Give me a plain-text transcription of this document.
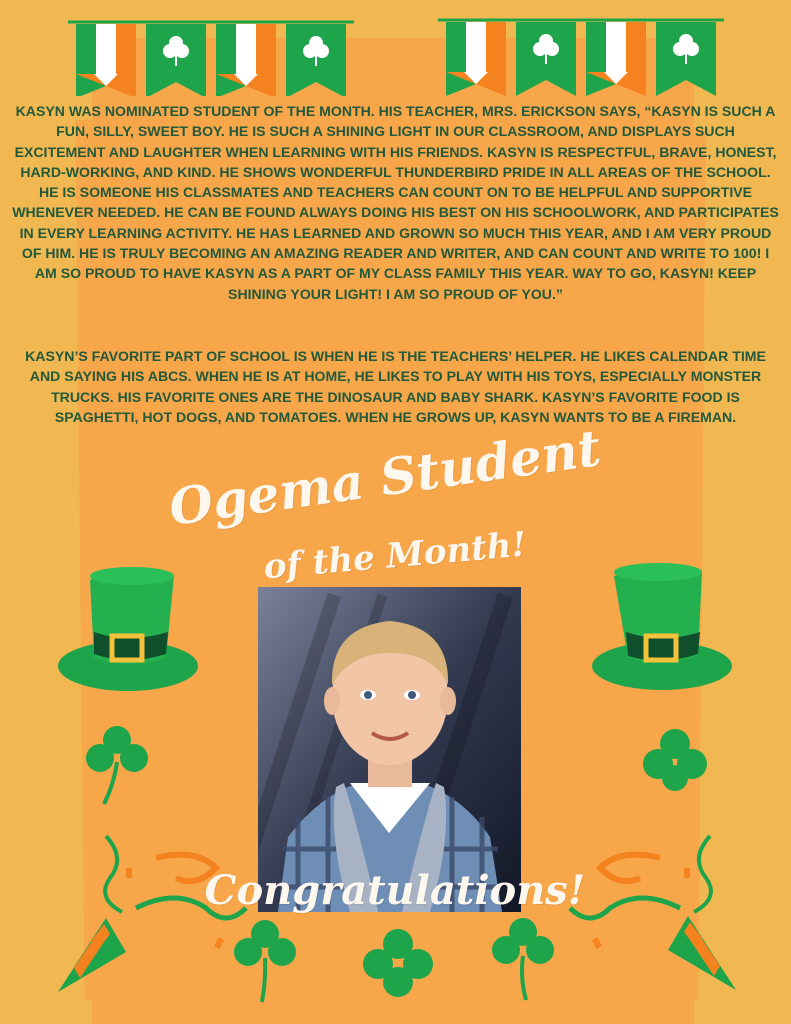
KASYN WAS NOMINATED STUDENT OF THE MONTH. HIS TEACHER, MRS. ERICKSON SAYS, “KASYN IS SUCH A FUN, SILLY, SWEET BOY. HE IS SUCH A SHINING LIGHT IN OUR CLASSROOM, AND DISPLAYS SUCH EXCITEMENT AND LAUGHTER WHEN LEARNING WITH HIS FRIENDS. KASYN IS RESPECTFUL, BRAVE, HONEST, HARD-WORKING, AND KIND. HE SHOWS WONDERFUL THUNDERBIRD PRIDE IN ALL AREAS OF THE SCHOOL. HE IS SOMEONE HIS CLASSMATES AND TEACHERS CAN COUNT ON TO BE HELPFUL AND SUPPORTIVE WHENEVER NEEDED. HE CAN BE FOUND ALWAYS DOING HIS BEST ON HIS SCHOOLWORK, AND PARTICIPATES IN EVERY LEARNING ACTIVITY. HE HAS LEARNED AND GROWN SO MUCH THIS YEAR, AND I AM VERY PROUD OF HIM. HE IS TRULY BECOMING AN AMAZING READER AND WRITER, AND CAN COUNT AND WRITE TO 100! I AM SO PROUD TO HAVE KASYN AS A PART OF MY CLASS FAMILY THIS YEAR. WAY TO GO, KASYN! KEEP SHINING YOUR LIGHT! I AM SO PROUD OF YOU.”

KASYN’S FAVORITE PART OF SCHOOL IS WHEN HE IS THE TEACHERS’ HELPER. HE LIKES CALENDAR TIME AND SAYING HIS ABCS. WHEN HE IS AT HOME, HE LIKES TO PLAY WITH HIS TOYS, ESPECIALLY MONSTER TRUCKS. HIS FAVORITE ONES ARE THE DINOSAUR AND BABY SHARK. KASYN’S FAVORITE FOOD IS SPAGHETTI, HOT DOGS, AND TOMATOES. WHEN HE GROWS UP, KASYN WANTS TO BE A FIREMAN.

Ogema Student
of the Month!
Congratulations!
